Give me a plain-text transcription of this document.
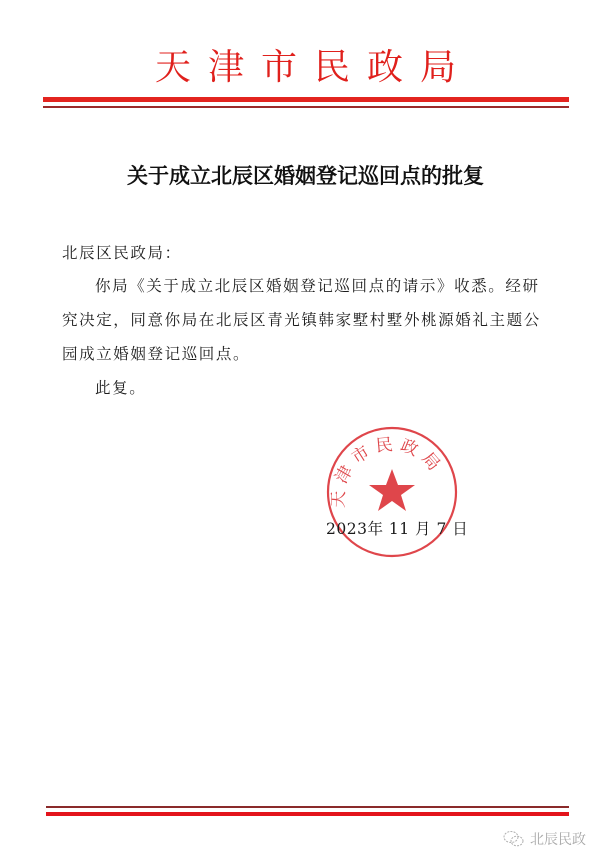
天津市民政局
关于成立北辰区婚姻登记巡回点的批复
北辰区民政局：
你局《关于成立北辰区婚姻登记巡回点的请示》收悉。经研
究决定，同意你局在北辰区青光镇韩家墅村墅外桃源婚礼主题公
园成立婚姻登记巡回点。
此复。
天津市民政局
2023年 11 月 7 日
北辰民政
